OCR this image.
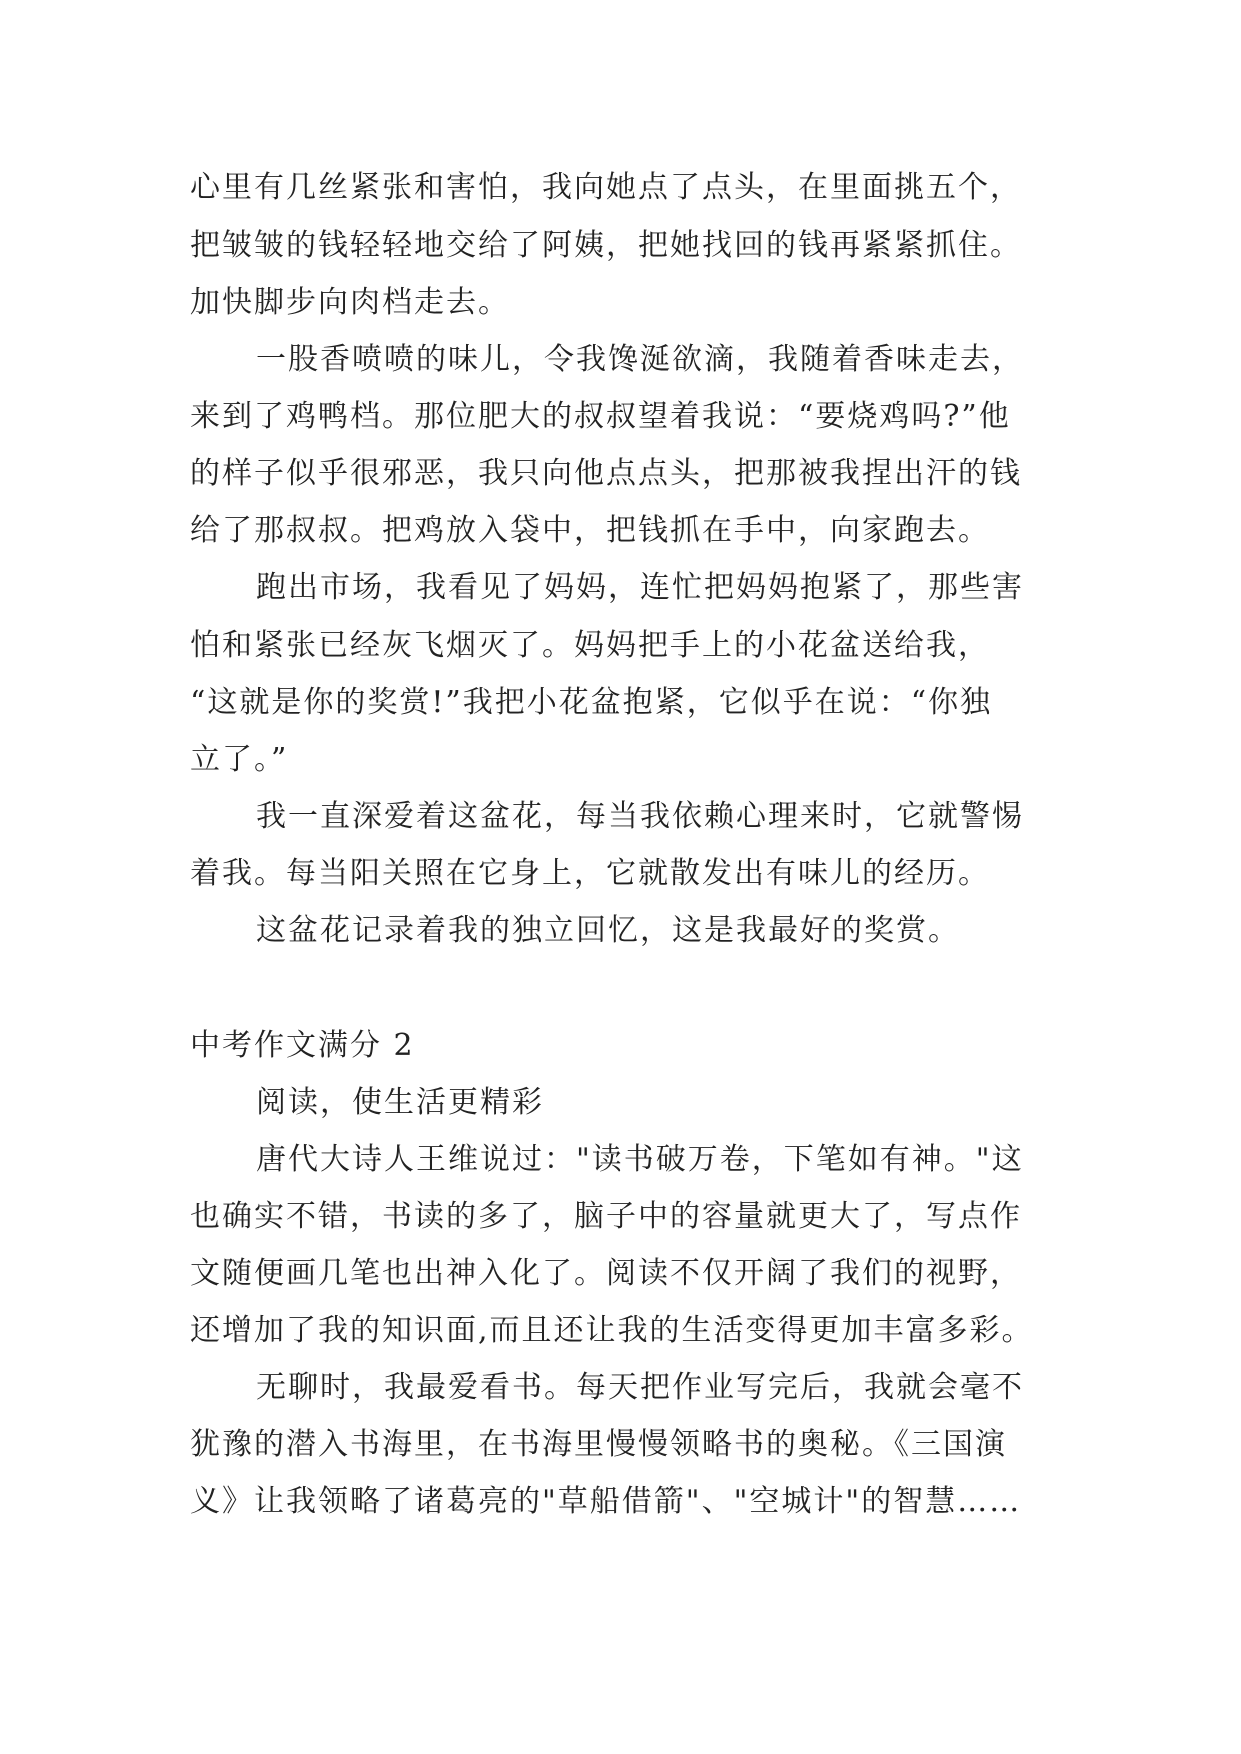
心里有几丝紧张和害怕，我向她点了点头，在里面挑五个，
把皱皱的钱轻轻地交给了阿姨，把她找回的钱再紧紧抓住。
加快脚步向肉档走去。
一股香喷喷的味儿，令我馋涎欲滴，我随着香味走去，
来到了鸡鸭档。那位肥大的叔叔望着我说：“要烧鸡吗?”他
的样子似乎很邪恶，我只向他点点头，把那被我捏出汗的钱
给了那叔叔。把鸡放入袋中，把钱抓在手中，向家跑去。
跑出市场，我看见了妈妈，连忙把妈妈抱紧了，那些害
怕和紧张已经灰飞烟灭了。妈妈把手上的小花盆送给我，
“这就是你的奖赏!”我把小花盆抱紧，它似乎在说：“你独
立了。”
我一直深爱着这盆花，每当我依赖心理来时，它就警惕
着我。每当阳关照在它身上，它就散发出有味儿的经历。
这盆花记录着我的独立回忆，这是我最好的奖赏。
中考作文满分 2
阅读，使生活更精彩
唐代大诗人王维说过："读书破万卷，下笔如有神。"这
也确实不错，书读的多了，脑子中的容量就更大了，写点作
文随便画几笔也出神入化了。阅读不仅开阔了我们的视野，
还增加了我的知识面,而且还让我的生活变得更加丰富多彩。
无聊时，我最爱看书。每天把作业写完后，我就会毫不
犹豫的潜入书海里，在书海里慢慢领略书的奥秘。《三国演
义》让我领略了诸葛亮的"草船借箭"、"空城计"的智慧……
